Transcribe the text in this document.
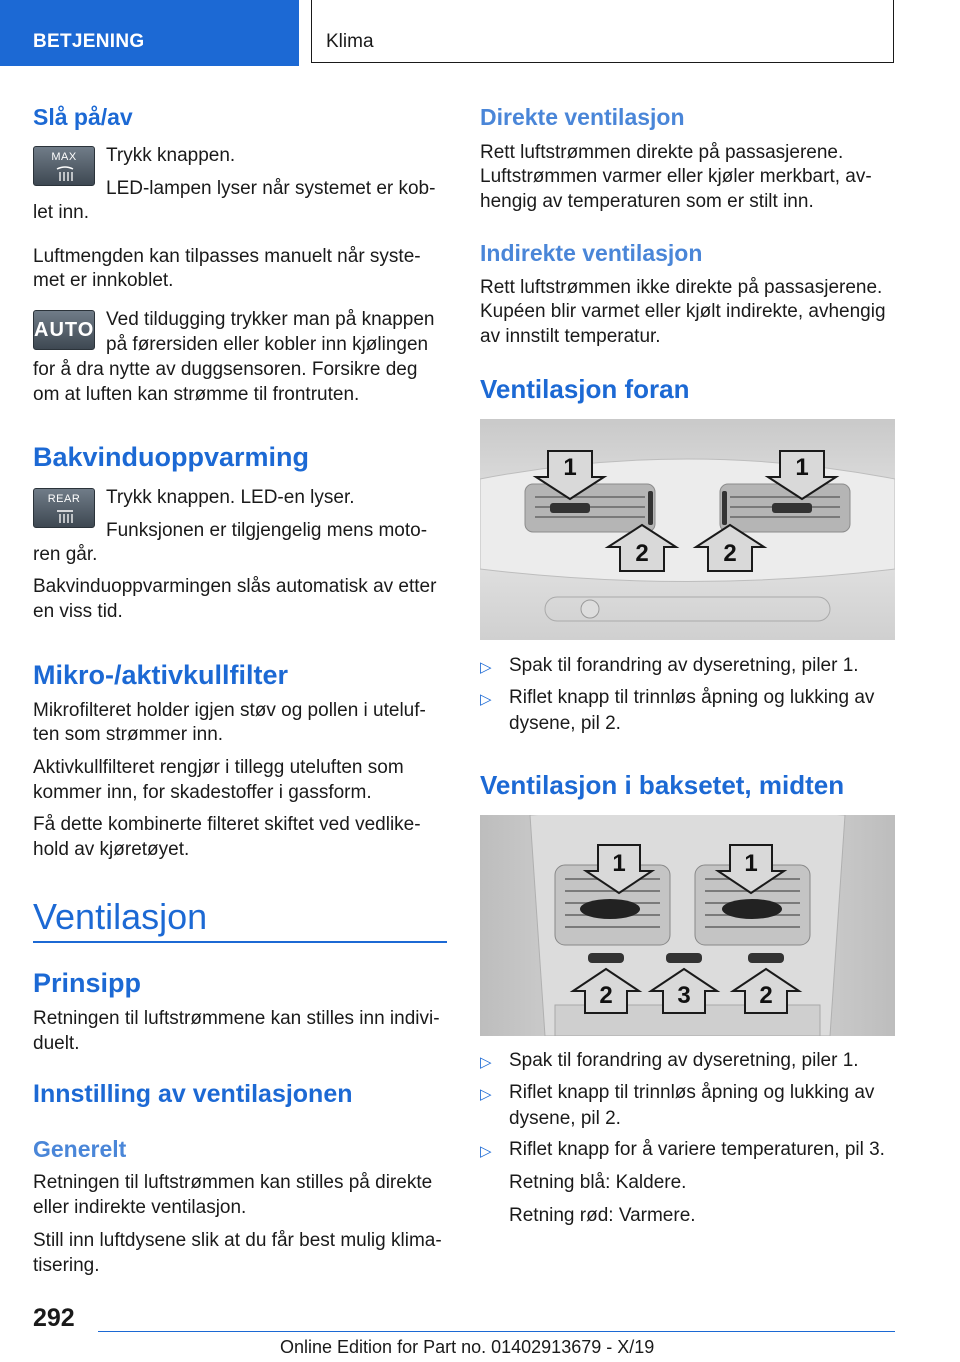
BETJENING	Klima
Slå på/av
MAX	Trykk knappen.

LED-lampen lyser når systemet er kob-

let inn.

Luftmengden kan tilpasses manuelt når syste-

met er innkoblet.

AUTO Ved tildugging trykker man på knappen

på førersiden eller kobler inn kjølingen

for å dra nytte av duggsensoren. Forsikre deg

om at luften kan strømme til frontruten.

Bakvinduoppvarming
REAR	Trykk knappen. LED-en lyser.

Funksjonen er tilgjengelig mens moto-

ren går.

Bakvinduoppvarmingen slås automatisk av etter

en viss tid.

Mikro-/aktivkullfilter

Mikrofilteret holder igjen støv og pollen i uteluf-

ten som strømmer inn.

Aktivkullfilteret rengjør i tillegg uteluften som

kommer inn, for skadestoffer i gassform.

Få dette kombinerte filteret skiftet ved vedlike-

hold av kjøretøyet.

Ventilasjon
Prinsipp

Retningen til luftstrømmene kan stilles inn indivi-

duelt.

Innstilling av ventilasjonen
Generelt

Retningen til luftstrømmen kan stilles på direkte

eller indirekte ventilasjon.

Still inn luftdysene slik at du får best mulig klima-

tisering.

Direkte ventilasjon

Rett luftstrømmen direkte på passasjerene.

Luftstrømmen varmer eller kjøler merkbart, av-

hengig av temperaturen som er stilt inn.

Indirekte ventilasjon

Rett luftstrømmen ikke direkte på passasjerene.

Kupéen blir varmet eller kjølt indirekte, avhengig

av innstilt temperatur.

Ventilasjon foran
1	1
2	2
▷ Spak til forandring av dyseretning, piler 1.
▷ Riflet knapp til trinnløs åpning og lukking av
dysene, pil 2.
Ventilasjon i baksetet, midten
1	1
2	3	2
▷ Spak til forandring av dyseretning, piler 1.
▷ Riflet knapp til trinnløs åpning og lukking av
dysene, pil 2.
▷ Riflet knapp for å variere temperaturen, pil 3.

Retning blå: Kaldere.

Retning rød: Varmere.

292
Online Edition for Part no. 01402913679 - X/19
